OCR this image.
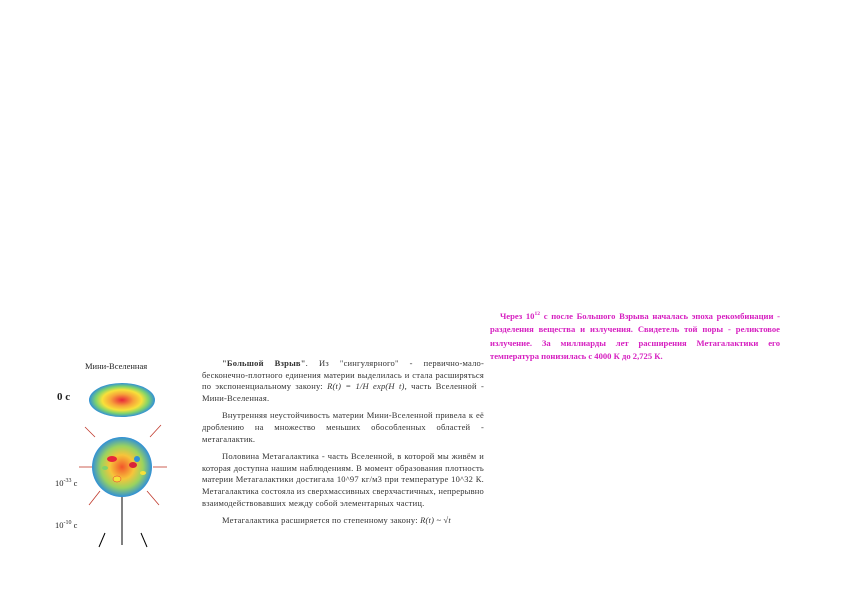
Через $10^{12}$ с после Большого Взрыва началась эпоха рекомбинации - разделения вещества и излучения. Свидетель той поры - реликтовое излучение. За миллиарды лет расширения Метагалактики его температура понизилась с 4000 К до 2,725 К.
Мини-Вселенная
0 с
$10^{-33}$ с
$10^{-10}$ с

"Большой Взрыв". Из "сингулярного" - первично-мало-бесконечно-плотного единения материи выделилась и стала расширяться по экспоненциальному закону: R(t) = 1/H exp(H t), часть Вселенной - Мини-Вселенная.

Внутренняя неустойчивость материи Мини-Вселенной привела к её дроблению на множество меньших обособленных областей - метагалактик.

Половина Метагалактика - часть Вселенной, в которой мы живём и которая доступна нашим наблюдениям. В момент образования плотность материи Метагалактики достигала 10^97 кг/м3 при температуре 10^32 К. Метагалактика состояла из сверхмассивных сверхчастичных, непрерывно взаимодействовавших между собой элементарных частиц.

Метагалактика расширяется по степенному закону: R(t) ~ √t
